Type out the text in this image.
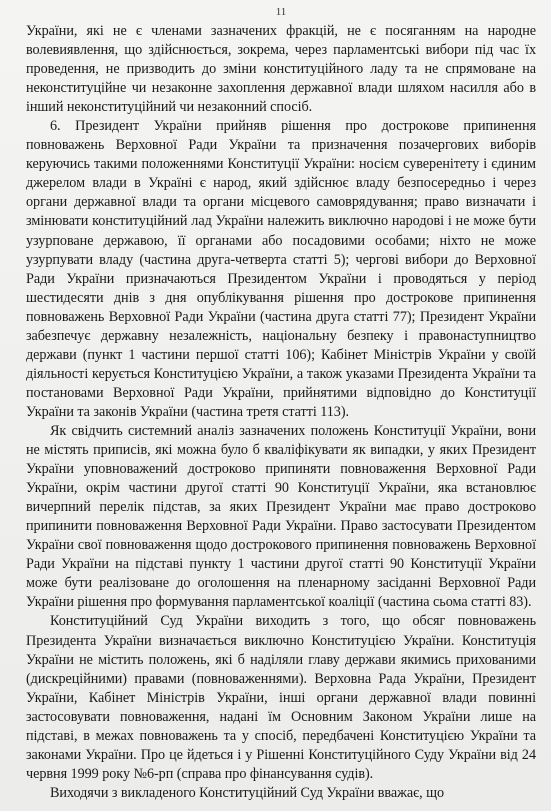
11

України, які не є членами зазначених фракцій, не є посяганням на народне волевиявлення, що здійснюється, зокрема, через парламентські вибори під час їх проведення, не призводить до зміни конституційного ладу та не спрямоване на неконституційне чи незаконне захоплення державної влади шляхом насилля або в інший неконституційний чи незаконний спосіб.

6. Президент України прийняв рішення про дострокове припинення повноважень Верховної Ради України та призначення позачергових виборів керуючись такими положеннями Конституції України: носієм суверенітету і єдиним джерелом влади в Україні є народ, який здійснює владу безпосередньо і через органи державної влади та органи місцевого самоврядування; право визначати і змінювати конституційний лад України належить виключно народові і не може бути узурповане державою, її органами або посадовими особами; ніхто не може узурпувати владу (частина друга-четверта статті 5); чергові вибори до Верховної Ради України призначаються Президентом України і проводяться у період шестидесяти днів з дня опублікування рішення про дострокове припинення повноважень Верховної Ради України (частина друга статті 77); Президент України забезпечує державну незалежність, національну безпеку і правонаступництво держави (пункт 1 частини першої статті 106); Кабінет Міністрів України у своїй діяльності керується Конституцією України, а також указами Президента України та постановами Верховної Ради України, прийнятими відповідно до Конституції України та законів України (частина третя статті 113).

Як свідчить системний аналіз зазначених положень Конституції України, вони не містять приписів, які можна було б кваліфікувати як випадки, у яких Президент України уповноважений достроково припиняти повноваження Верховної Ради України, окрім частини другої статті 90 Конституції України, яка встановлює вичерпний перелік підстав, за яких Президент України має право достроково припинити повноваження Верховної Ради України. Право застосувати Президентом України свої повноваження щодо дострокового припинення повноважень Верховної Ради України на підставі пункту 1 частини другої статті 90 Конституції України може бути реалізоване до оголошення на пленарному засіданні Верховної Ради України рішення про формування парламентської коаліції (частина сьома статті 83).

Конституційний Суд України виходить з того, що обсяг повноважень Президента України визначається виключно Конституцією України. Конституція України не містить положень, які б наділяли главу держави якимись прихованими (дискреційними) правами (повноваженнями). Верховна Рада України, Президент України, Кабінет Міністрів України, інші органи державної влади повинні застосовувати повноваження, надані їм Основним Законом України лише на підставі, в межах повноважень та у спосіб, передбачені Конституцією України та законами України. Про це йдеться і у Рішенні Конституційного Суду України від 24 червня 1999 року №6-рп (справа про фінансування судів).

Виходячи з викладеного Конституційний Суд України вважає, що
